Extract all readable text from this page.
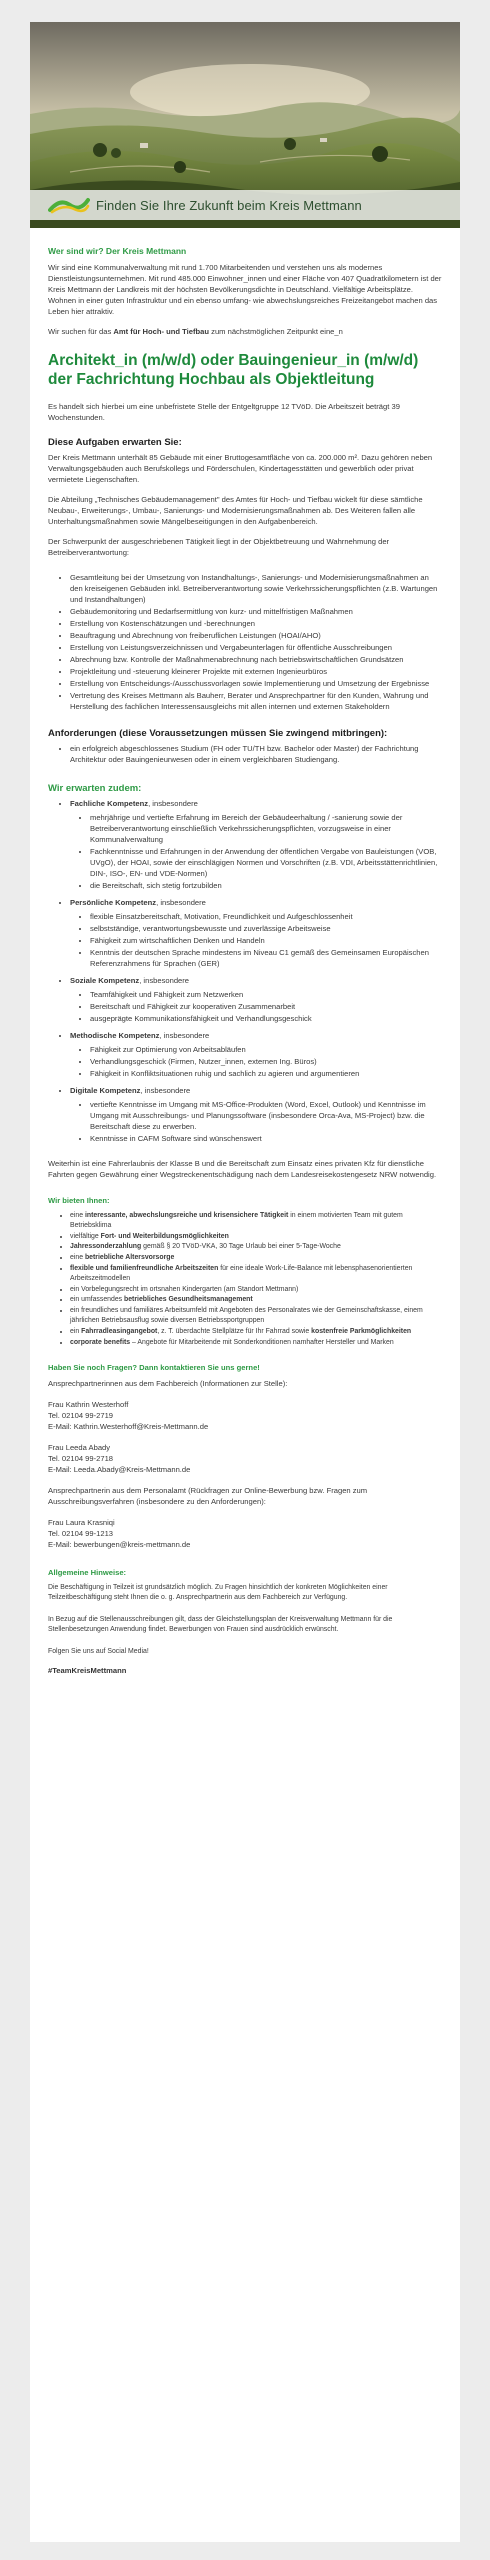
Finden Sie Ihre Zukunft beim Kreis Mettmann
Wer sind wir? Der Kreis Mettmann

Wir sind eine Kommunalverwaltung mit rund 1.700 Mitarbeitenden und verstehen uns als modernes Dienstleistungsunternehmen. Mit rund 485.000 Einwohner_innen und einer Fläche von 407 Quadratkilometern ist der Kreis Mettmann der Landkreis mit der höchsten Bevölkerungsdichte in Deutschland. Vielfältige Arbeitsplätze. Wohnen in einer guten Infrastruktur und ein ebenso umfang- wie abwechslungsreiches Freizeitangebot machen das Leben hier attraktiv.

Wir suchen für das Amt für Hoch- und Tiefbau zum nächstmöglichen Zeitpunkt eine_n

Architekt_in (m/w/d) oder Bauingenieur_in (m/w/d) der Fachrichtung Hochbau als Objektleitung

Es handelt sich hierbei um eine unbefristete Stelle der Entgeltgruppe 12 TVöD. Die Arbeitszeit beträgt 39 Wochenstunden.

Diese Aufgaben erwarten Sie:

Der Kreis Mettmann unterhält 85 Gebäude mit einer Bruttogesamtfläche von ca. 200.000 m². Dazu gehören neben Verwaltungsgebäuden auch Berufskollegs und Förderschulen, Kindertagesstätten und gewerblich oder privat vermietete Liegenschaften.

Die Abteilung „Technisches Gebäudemanagement" des Amtes für Hoch- und Tiefbau wickelt für diese sämtliche Neubau-, Erweiterungs-, Umbau-, Sanierungs- und Modernisierungsmaßnahmen ab. Des Weiteren fallen alle Unterhaltungsmaßnahmen sowie Mängelbeseitigungen in den Aufgabenbereich.

Der Schwerpunkt der ausgeschriebenen Tätigkeit liegt in der Objektbetreuung und Wahrnehmung der Betreiberverantwortung:

• Gesamtleitung bei der Umsetzung von Instandhaltungs-, Sanierungs- und Modernisierungsmaßnahmen an den kreiseigenen Gebäuden inkl. Betreiberverantwortung sowie Verkehrssicherungspflichten (z.B. Wartungen und Instandhaltungen)
• Gebäudemonitoring und Bedarfsermittlung von kurz- und mittelfristigen Maßnahmen
• Erstellung von Kostenschätzungen und -berechnungen
• Beauftragung und Abrechnung von freiberuflichen Leistungen (HOAI/AHO)
• Erstellung von Leistungsverzeichnissen und Vergabeunterlagen für öffentliche Ausschreibungen
• Abrechnung bzw. Kontrolle der Maßnahmenabrechnung nach betriebswirtschaftlichen Grundsätzen
• Projektleitung und -steuerung kleinerer Projekte mit externen Ingenieurbüros
• Erstellung von Entscheidungs-/Ausschussvorlagen sowie Implementierung und Umsetzung der Ergebnisse
• Vertretung des Kreises Mettmann als Bauherr, Berater und Ansprechpartner für den Kunden, Wahrung und Herstellung des fachlichen Interessensausgleichs mit allen internen und externen Stakeholdern
Anforderungen (diese Voraussetzungen müssen Sie zwingend mitbringen):
• ein erfolgreich abgeschlossenes Studium (FH oder TU/TH bzw. Bachelor oder Master) der Fachrichtung Architektur oder Bauingenieurwesen oder in einem vergleichbaren Studiengang.
Wir erwarten zudem:
• Fachliche Kompetenz, insbesondere
• mehrjährige und vertiefte Erfahrung im Bereich der Gebäudeerhaltung / -sanierung sowie der Betreiberverantwortung einschließlich Verkehrssicherungspflichten, vorzugsweise in einer Kommunalverwaltung
• Fachkenntnisse und Erfahrungen in der Anwendung der öffentlichen Vergabe von Bauleistungen (VOB, UVgO), der HOAI, sowie der einschlägigen Normen und Vorschriften (z.B. VDI, Arbeitsstättenrichtlinien, DIN-, ISO-, EN- und VDE-Normen)
• die Bereitschaft, sich stetig fortzubilden
• Persönliche Kompetenz, insbesondere
• flexible Einsatzbereitschaft, Motivation, Freundlichkeit und Aufgeschlossenheit
• selbstständige, verantwortungsbewusste und zuverlässige Arbeitsweise
• Fähigkeit zum wirtschaftlichen Denken und Handeln
• Kenntnis der deutschen Sprache mindestens im Niveau C1 gemäß des Gemeinsamen Europäischen Referenzrahmens für Sprachen (GER)
• Soziale Kompetenz, insbesondere
• Teamfähigkeit und Fähigkeit zum Netzwerken
• Bereitschaft und Fähigkeit zur kooperativen Zusammenarbeit
• ausgeprägte Kommunikationsfähigkeit und Verhandlungsgeschick
• Methodische Kompetenz, insbesondere
• Fähigkeit zur Optimierung von Arbeitsabläufen
• Verhandlungsgeschick (Firmen, Nutzer_innen, externen Ing. Büros)
• Fähigkeit in Konfliktsituationen ruhig und sachlich zu agieren und argumentieren
• Digitale Kompetenz, insbesondere
• vertiefte Kenntnisse im Umgang mit MS-Office-Produkten (Word, Excel, Outlook) und Kenntnisse im Umgang mit Ausschreibungs- und Planungssoftware (insbesondere Orca-Ava, MS-Project) bzw. die Bereitschaft diese zu erwerben.
• Kenntnisse in CAFM Software sind wünschenswert

Weiterhin ist eine Fahrerlaubnis der Klasse B und die Bereitschaft zum Einsatz eines privaten Kfz für dienstliche Fahrten gegen Gewährung einer Wegstreckenentschädigung nach dem Landesreisekostengesetz NRW notwendig.

Wir bieten Ihnen:
• eine interessante, abwechslungsreiche und krisensichere Tätigkeit in einem motivierten Team mit gutem Betriebsklima
• vielfältige Fort- und Weiterbildungsmöglichkeiten
• Jahressonderzahlung gemäß § 20 TVöD-VKA, 30 Tage Urlaub bei einer 5-Tage-Woche
• eine betriebliche Altersvorsorge
• flexible und familienfreundliche Arbeitszeiten für eine ideale Work-Life-Balance mit lebensphasenorientierten Arbeitszeitmodellen
• ein Vorbelegungsrecht im ortsnahen Kindergarten (am Standort Mettmann)
• ein umfassendes betriebliches Gesundheitsmanagement
• ein freundliches und familiäres Arbeitsumfeld mit Angeboten des Personalrates wie der Gemeinschaftskasse, einem jährlichen Betriebsausflug sowie diversen Betriebssportgruppen
• ein Fahrradleasingangebot, z. T. überdachte Stellplätze für Ihr Fahrrad sowie kostenfreie Parkmöglichkeiten
• corporate benefits – Angebote für Mitarbeitende mit Sonderkonditionen namhafter Hersteller und Marken
Haben Sie noch Fragen? Dann kontaktieren Sie uns gerne!

Ansprechpartnerinnen aus dem Fachbereich (Informationen zur Stelle):

Frau Kathrin Westerhoff

Tel. 02104 99-2719

E-Mail: Kathrin.Westerhoff@Kreis-Mettmann.de

Frau Leeda Abady

Tel. 02104 99-2718

E-Mail: Leeda.Abady@Kreis-Mettmann.de

Ansprechpartnerin aus dem Personalamt (Rückfragen zur Online-Bewerbung bzw. Fragen zum Ausschreibungsverfahren (insbesondere zu den Anforderungen):

Frau Laura Krasniqi

Tel. 02104 99-1213

E-Mail: bewerbungen@kreis-mettmann.de

Allgemeine Hinweise:

Die Beschäftigung in Teilzeit ist grundsätzlich möglich. Zu Fragen hinsichtlich der konkreten Möglichkeiten einer Teilzeitbeschäftigung steht Ihnen die o. g. Ansprechpartnerin aus dem Fachbereich zur Verfügung.

In Bezug auf die Stellenausschreibungen gilt, dass der Gleichstellungsplan der Kreisverwaltung Mettmann für die Stellenbesetzungen Anwendung findet. Bewerbungen von Frauen sind ausdrücklich erwünscht.

Folgen Sie uns auf Social Media!

#TeamKreisMettmann
